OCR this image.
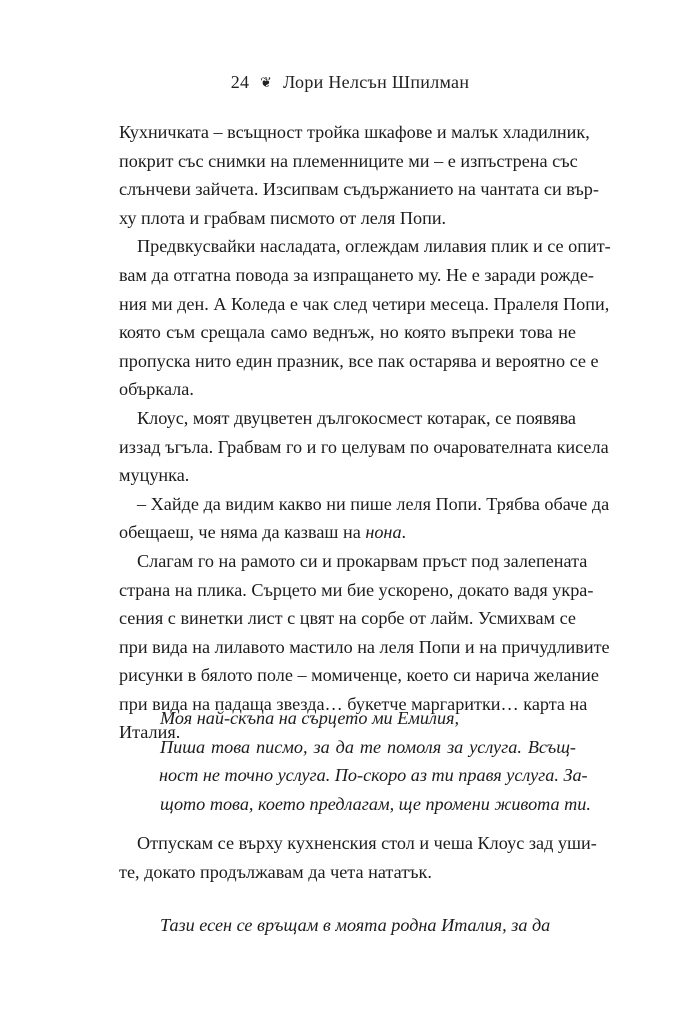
24 ❦ Лори Нелсън Шпилман

Кухничката – всъщност тройка шкафове и малък хладилник,
покрит със снимки на племенниците ми – е изпъстрена със
слънчеви зайчета. Изсипвам съдържанието на чантата си вър-
ху плота и грабвам писмото от леля Попи.

Предвкусвайки насладата, оглеждам лилавия плик и се опит-
вам да отгатна повода за изпращането му. Не е заради рожде-
ния ми ден. А Коледа е чак след четири месеца. Пралеля Попи,
която съм срещала само веднъж, но която въпреки това не
пропуска нито един празник, все пак остарява и вероятно се е
объркала.

Клоус, моят двуцветен дългокосмест котарак, се появява
иззад ъгъла. Грабвам го и го целувам по очарователната кисела
муцунка.

– Хайде да видим какво ни пише леля Попи. Трябва обаче да
обещаеш, че няма да казваш на нона.

Слагам го на рамото си и прокарвам пръст под залепената
страна на плика. Сърцето ми бие ускорено, докато вадя укра-
сения с винетки лист с цвят на сорбе от лайм. Усмихвам се
при вида на лилавото мастило на леля Попи и на причудливите
рисунки в бялото поле – момиченце, което си нарича желание
при вида на падаща звезда… букетче маргаритки… карта на
Италия.

Моя най-скъпа на сърцето ми Емилия,
Пиша това писмо, за да те помоля за услуга. Всъщ-
ност не точно услуга. По-скоро аз ти правя услуга. За-
щото това, което предлагам, ще промени живота ти.

Отпускам се върху кухненския стол и чеша Клоус зад уши-
те, докато продължавам да чета нататък.

Тази есен се връщам в моята родна Италия, за да
